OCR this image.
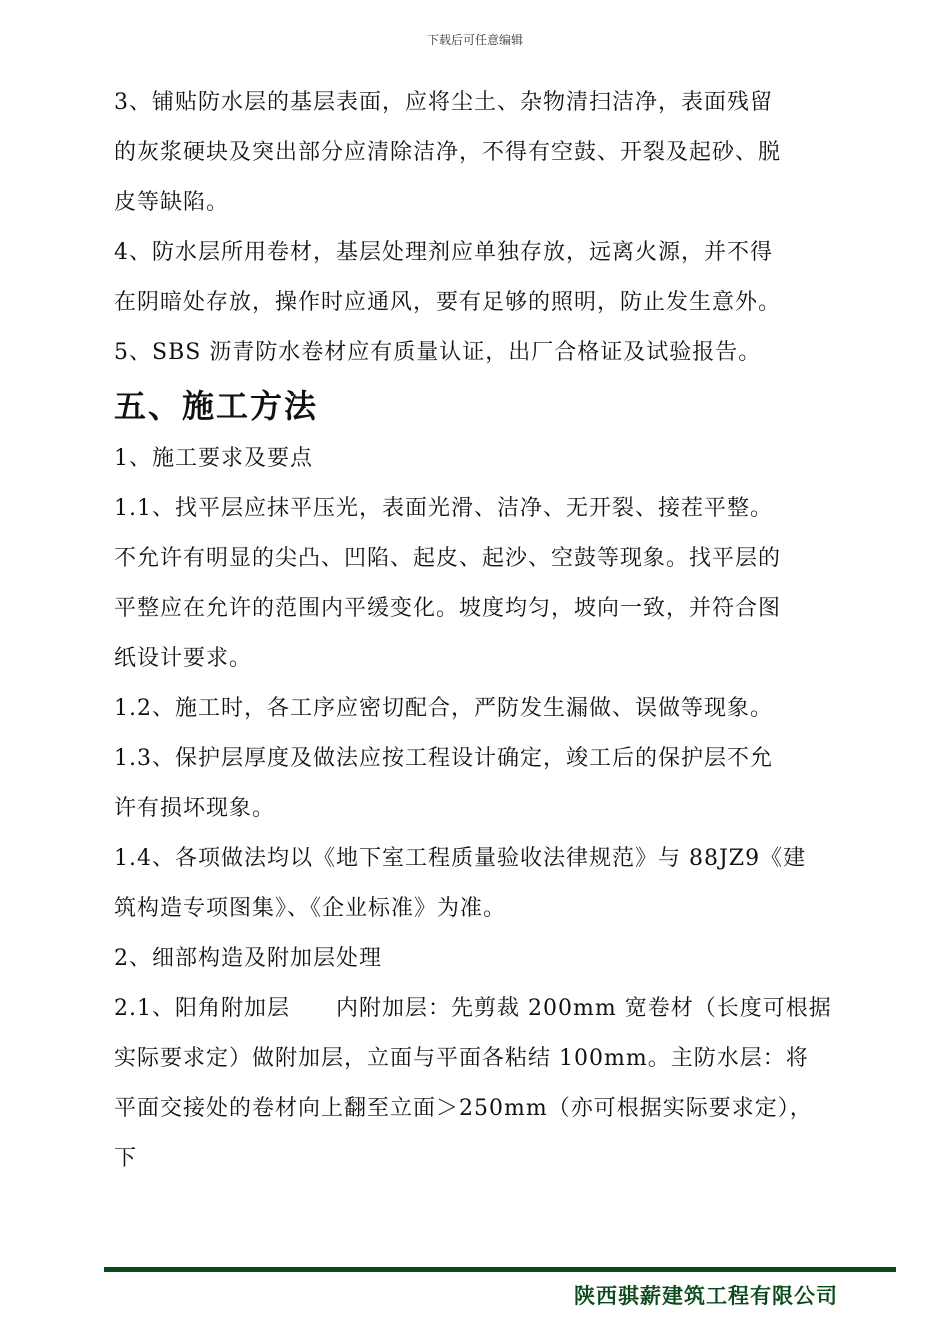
下载后可任意编辑
3、铺贴防水层的基层表面，应将尘土、杂物清扫洁净，表面残留
的灰浆硬块及突出部分应清除洁净，不得有空鼓、开裂及起砂、脱
皮等缺陷。
4、防水层所用卷材，基层处理剂应单独存放，远离火源，并不得
在阴暗处存放，操作时应通风，要有足够的照明，防止发生意外。
5、SBS 沥青防水卷材应有质量认证，出厂合格证及试验报告。
五、施工方法
1、施工要求及要点
1.1、找平层应抹平压光，表面光滑、洁净、无开裂、接茬平整。
不允许有明显的尖凸、凹陷、起皮、起沙、空鼓等现象。找平层的
平整应在允许的范围内平缓变化。坡度均匀，坡向一致，并符合图
纸设计要求。
1.2、施工时，各工序应密切配合，严防发生漏做、误做等现象。
1.3、保护层厚度及做法应按工程设计确定，竣工后的保护层不允
许有损坏现象。
1.4、各项做法均以《地下室工程质量验收法律规范》与 88JZ9《建
筑构造专项图集》、《企业标准》为准。
2、细部构造及附加层处理
2.1、阳角附加层　　内附加层：先剪裁 200mm 宽卷材（长度可根据
实际要求定）做附加层，立面与平面各粘结 100mm。主防水层：将
平面交接处的卷材向上翻至立面＞250mm（亦可根据实际要求定），
下
陕西骐薪建筑工程有限公司
